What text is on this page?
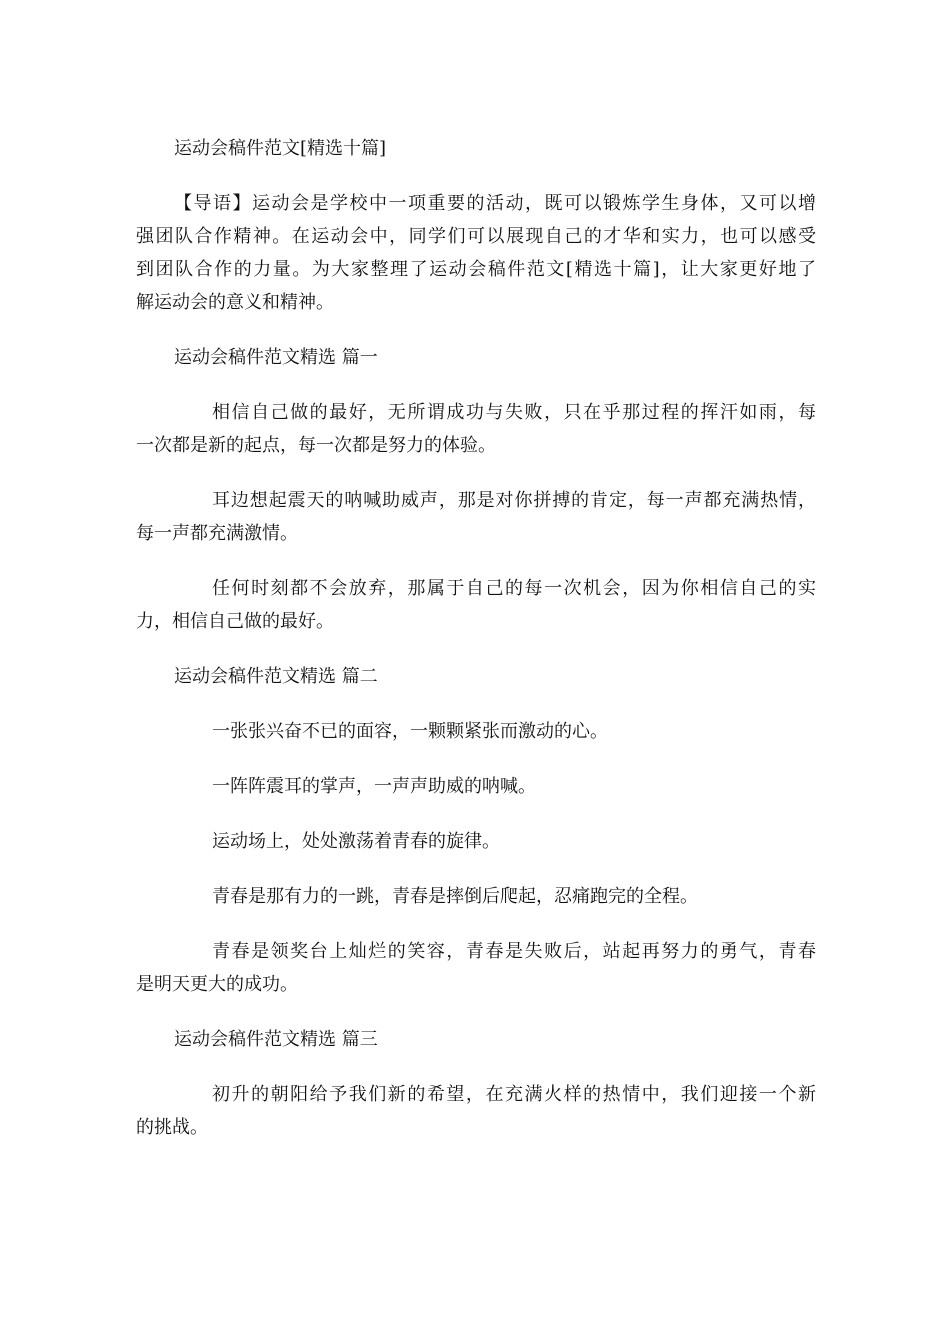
运动会稿件范文[精选十篇]
【导语】运动会是学校中一项重要的活动，既可以锻炼学生身体，又可以增
强团队合作精神。在运动会中，同学们可以展现自己的才华和实力，也可以感受
到团队合作的力量。为大家整理了运动会稿件范文[精选十篇]，让大家更好地了
解运动会的意义和精神。
运动会稿件范文精选 篇一
相信自己做的最好，无所谓成功与失败，只在乎那过程的挥汗如雨，每
一次都是新的起点，每一次都是努力的体验。
耳边想起震天的呐喊助威声，那是对你拼搏的肯定，每一声都充满热情，
每一声都充满激情。
任何时刻都不会放弃，那属于自己的每一次机会，因为你相信自己的实
力，相信自己做的最好。
运动会稿件范文精选 篇二
一张张兴奋不已的面容，一颗颗紧张而激动的心。
一阵阵震耳的掌声，一声声助威的呐喊。
运动场上，处处激荡着青春的旋律。
青春是那有力的一跳，青春是摔倒后爬起，忍痛跑完的全程。
青春是领奖台上灿烂的笑容，青春是失败后，站起再努力的勇气，青春
是明天更大的成功。
运动会稿件范文精选 篇三
初升的朝阳给予我们新的希望，在充满火样的热情中，我们迎接一个新
的挑战。
